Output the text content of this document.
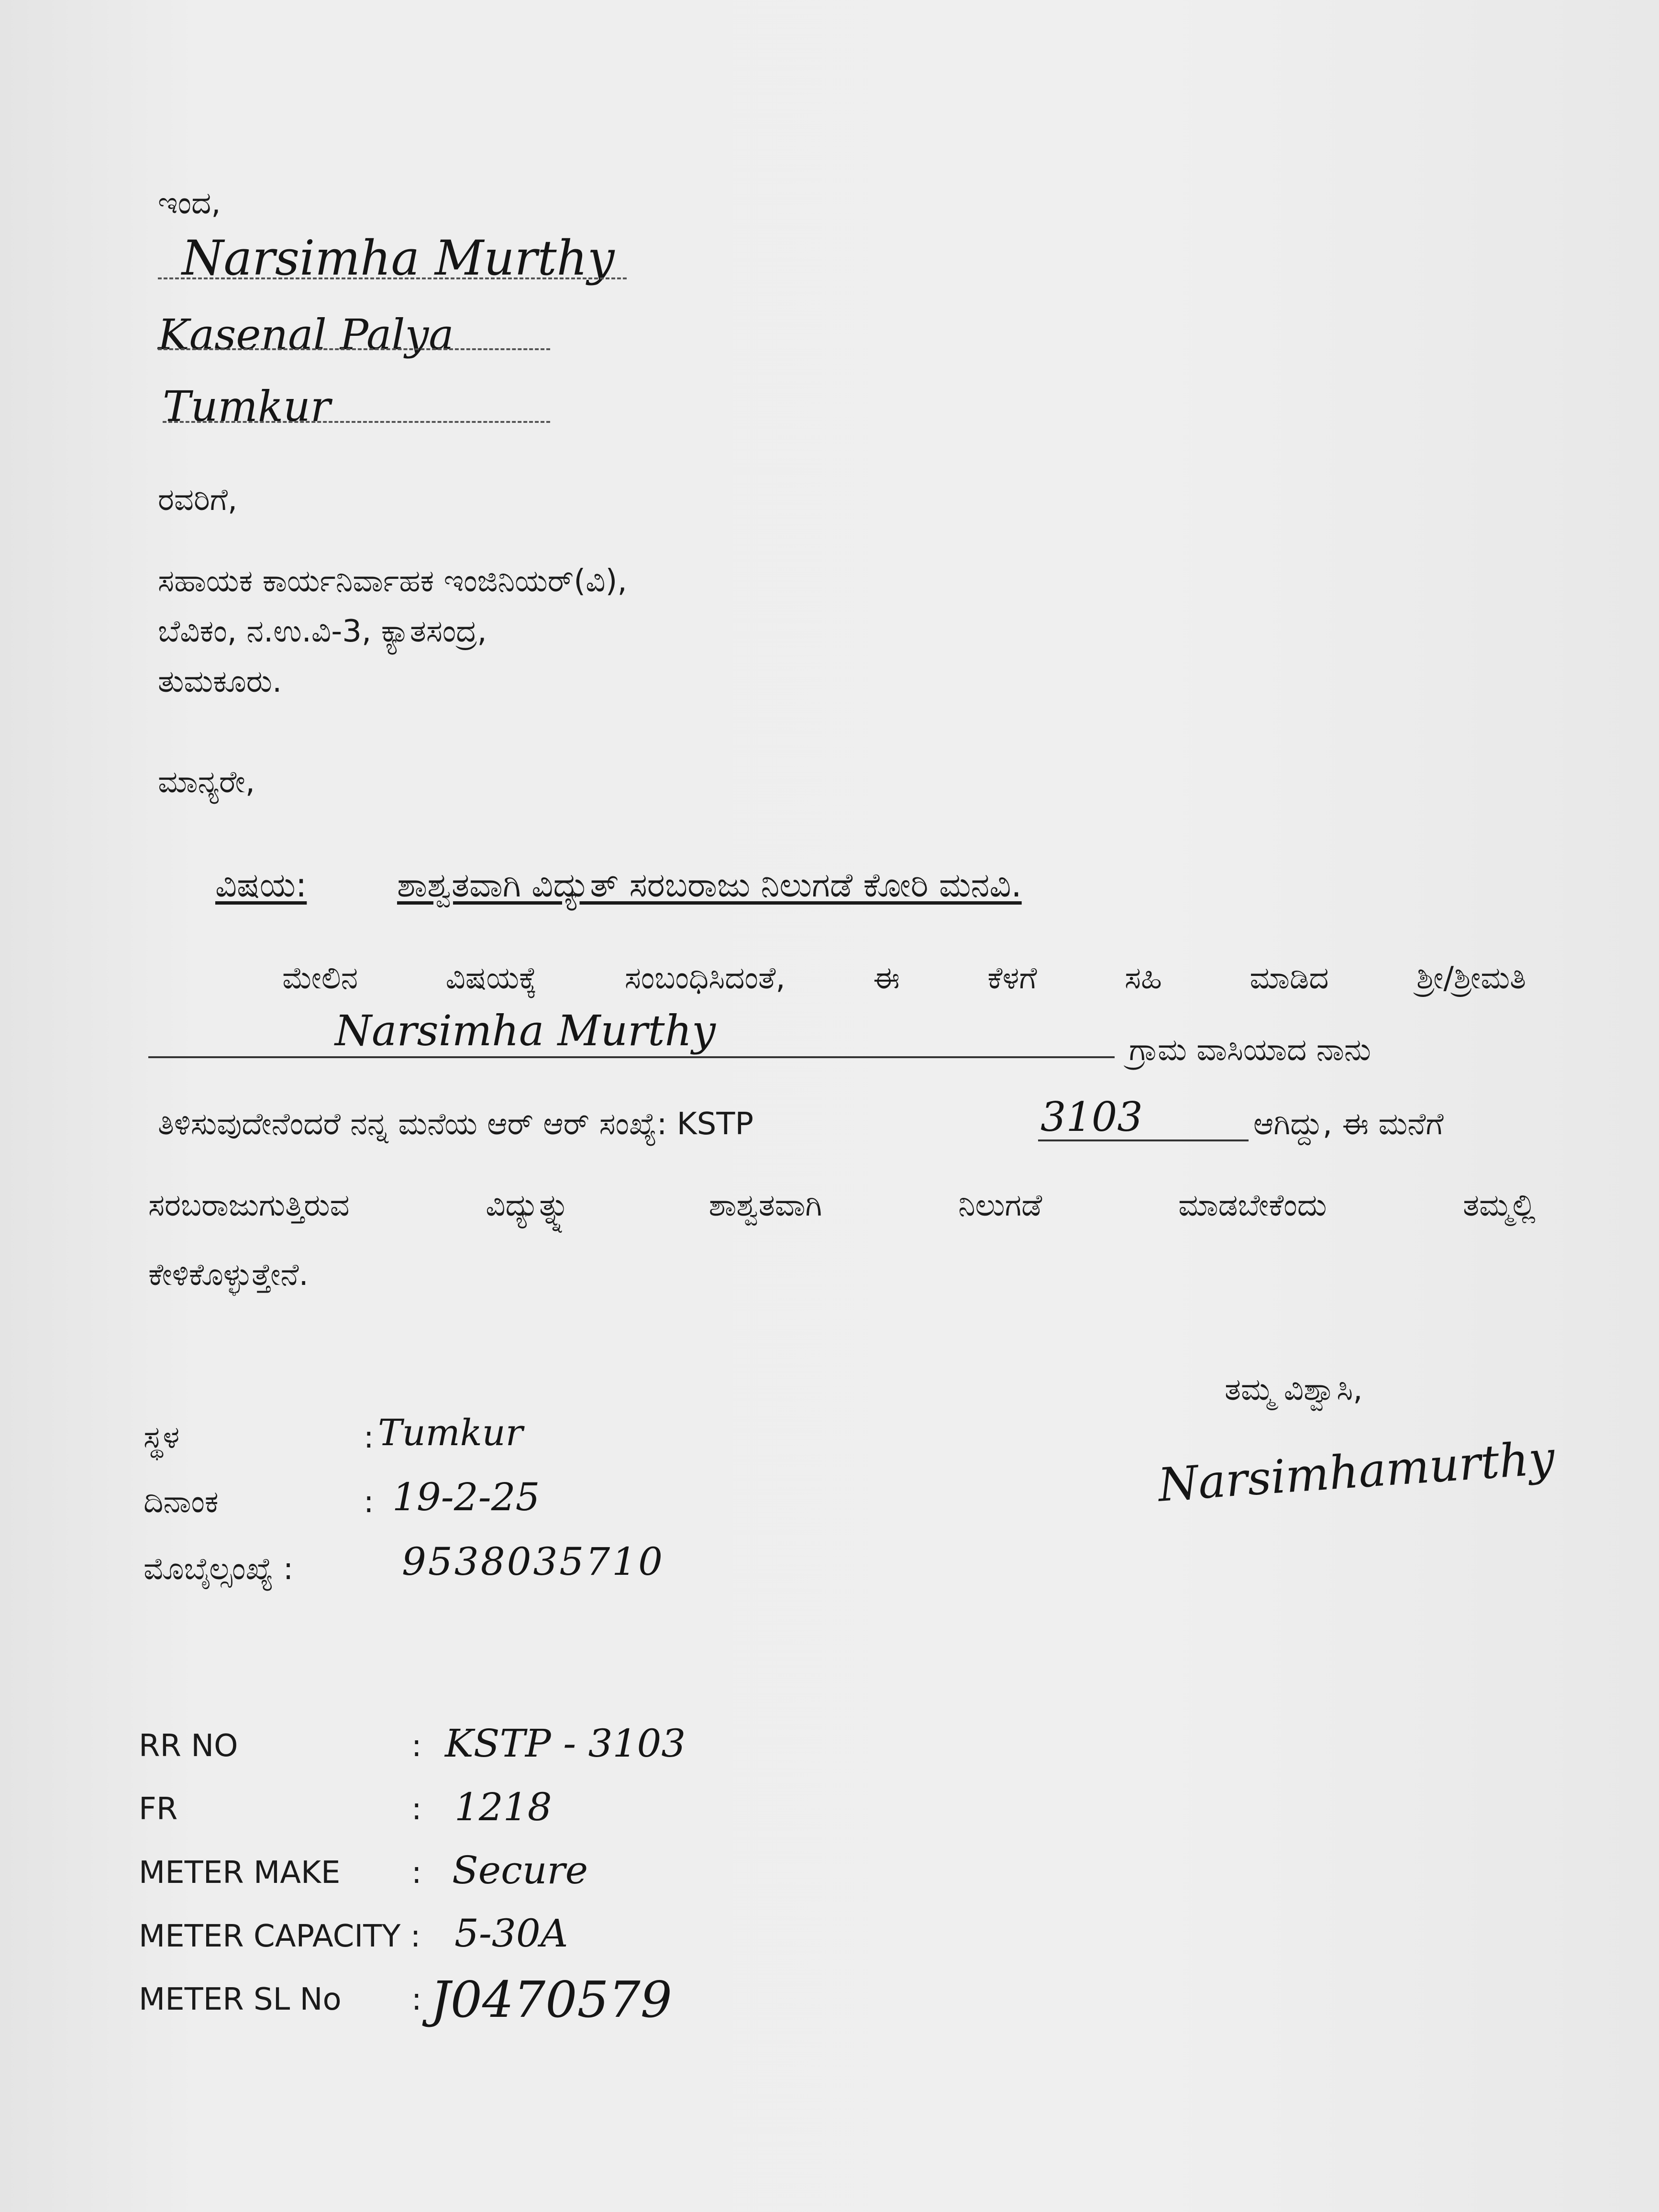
ಇಂದ,
Narsimha Murthy
Kasenal Palya
Tumkur
ರವರಿಗೆ,
ಸಹಾಯಕ ಕಾರ್ಯನಿರ್ವಾಹಕ ಇಂಜಿನಿಯರ್(ವಿ),
ಬೆವಿಕಂ, ನ.ಉ.ವಿ-3, ಕ್ಯಾತಸಂದ್ರ,
ತುಮಕೂರು.
ಮಾನ್ಯರೇ,
ವಿಷಯ:	ಶಾಶ್ವತವಾಗಿ ವಿದ್ಯುತ್ ಸರಬರಾಜು ನಿಲುಗಡೆ ಕೋರಿ ಮನವಿ.
ಮೇಲಿನ ವಿಷಯಕ್ಕೆ ಸಂಬಂಧಿಸಿದಂತೆ, ಈ ಕೆಳಗೆ ಸಹಿ ಮಾಡಿದ ಶ್ರೀ/ಶ್ರೀಮತಿ
Narsimha Murthy	ಗ್ರಾಮ ವಾಸಿಯಾದ ನಾನು
ತಿಳಿಸುವುದೇನೆಂದರೆ ನನ್ನ ಮನೆಯ ಆರ್ ಆರ್ ಸಂಖ್ಯೆ: KSTP	3103	ಆಗಿದ್ದು, ಈ ಮನೆಗೆ
ಸರಬರಾಜುಗುತ್ತಿರುವ ವಿದ್ಯುತ್ನ್ನು ಶಾಶ್ವತವಾಗಿ ನಿಲುಗಡೆ ಮಾಡಬೇಕೆಂದು ತಮ್ಮಲ್ಲಿ
ಕೇಳಿಕೊಳ್ಳುತ್ತೇನೆ.
ತಮ್ಮ ವಿಶ್ವಾಸಿ,
Narsimhamurthy
ಸ್ಥಳ	: Tumkur
ದಿನಾಂಕ	: 19-2-25
ಮೊಬೈಲ್ಸಂಖ್ಯೆ :	9538035710
RR NO	: KSTP - 3103
FR	: 1218
METER MAKE : Secure
METER CAPACITY : 5-30A
METER SL No : J0470579
